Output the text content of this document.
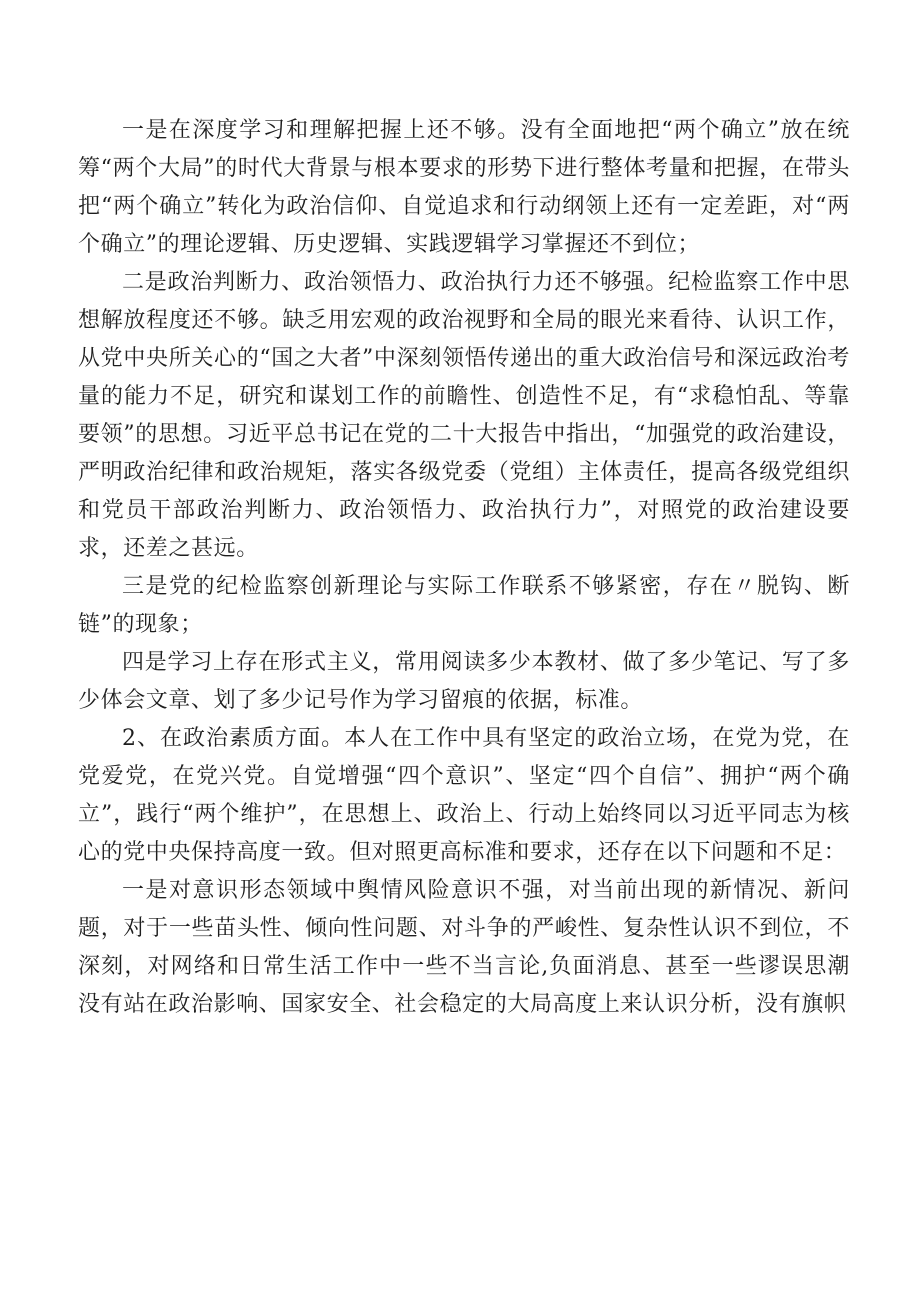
一是在深度学习和理解把握上还不够。没有全面地把“两个确立”放在统筹“两个大局”的时代大背景与根本要求的形势下进行整体考量和把握，在带头把“两个确立”转化为政治信仰、自觉追求和行动纲领上还有一定差距，对“两个确立”的理论逻辑、历史逻辑、实践逻辑学习掌握还不到位；

二是政治判断力、政治领悟力、政治执行力还不够强。纪检监察工作中思想解放程度还不够。缺乏用宏观的政治视野和全局的眼光来看待、认识工作，从党中央所关心的“国之大者”中深刻领悟传递出的重大政治信号和深远政治考量的能力不足，研究和谋划工作的前瞻性、创造性不足，有“求稳怕乱、等靠要领”的思想。习近平总书记在党的二十大报告中指出，“加强党的政治建设，严明政治纪律和政治规矩，落实各级党委（党组）主体责任，提高各级党组织和党员干部政治判断力、政治领悟力、政治执行力”，对照党的政治建设要求，还差之甚远。

三是党的纪检监察创新理论与实际工作联系不够紧密，存在〃脱钩、断链”的现象；

四是学习上存在形式主义，常用阅读多少本教材、做了多少笔记、写了多少体会文章、划了多少记号作为学习留痕的依据，标准。

2、在政治素质方面。本人在工作中具有坚定的政治立场，在党为党，在党爱党，在党兴党。自觉增强“四个意识”、坚定“四个自信”、拥护“两个确立”，践行“两个维护”，在思想上、政治上、行动上始终同以习近平同志为核心的党中央保持高度一致。但对照更高标准和要求，还存在以下问题和不足：

一是对意识形态领域中舆情风险意识不强，对当前出现的新情况、新问题，对于一些苗头性、倾向性问题、对斗争的严峻性、复杂性认识不到位，不深刻，对网络和日常生活工作中一些不当言论,负面消息、甚至一些谬误思潮没有站在政治影响、国家安全、社会稳定的大局高度上来认识分析，没有旗帜
